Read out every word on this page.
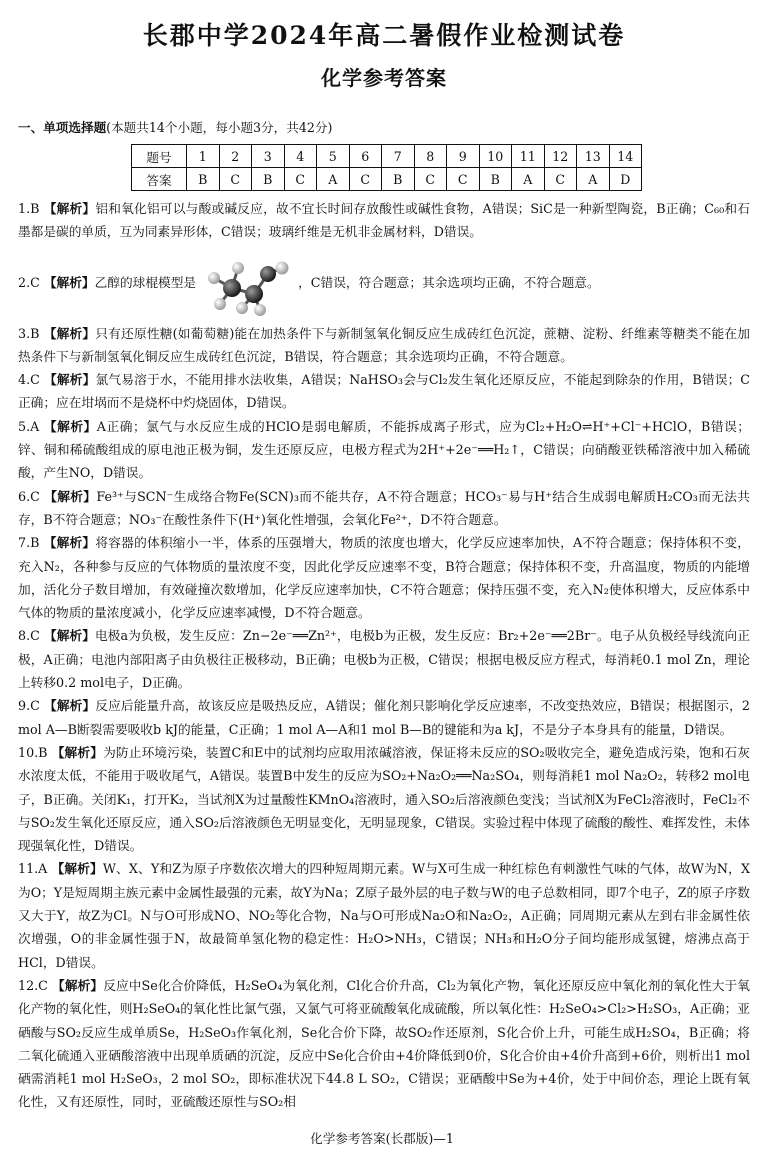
长郡中学2024年高二暑假作业检测试卷
化学参考答案
一、单项选择题(本题共14个小题，每小题3分，共42分)
题号	1	2	3	4	5	6	7	8	9	10	11	12	13	14
答案	B	C	B	C	A	C	B	C	C	B	A	C	A	D

1.B 【解析】铝和氧化铝可以与酸或碱反应，故不宜长时间存放酸性或碱性食物，A错误；SiC是一种新型陶瓷，B正确；C₆₀和石墨都是碳的单质，互为同素异形体，C错误；玻璃纤维是无机非金属材料，D错误。

2.C
【解析】 乙醇的球棍模型是	，C错误，符合题意；其余选项均正确，不符合题意。

3.B 【解析】只有还原性糖(如葡萄糖)能在加热条件下与新制氢氧化铜反应生成砖红色沉淀，蔗糖、淀粉、纤维素等糖类不能在加热条件下与新制氢氧化铜反应生成砖红色沉淀，B错误，符合题意；其余选项均正确，不符合题意。

4.C 【解析】氯气易溶于水，不能用排水法收集，A错误；NaHSO₃会与Cl₂发生氧化还原反应，不能起到除杂的作用，B错误；C正确；应在坩埚而不是烧杯中灼烧固体，D错误。

5.A 【解析】A正确；氯气与水反应生成的HClO是弱电解质，不能拆成离子形式，应为Cl₂+H₂O⇌H⁺+Cl⁻+HClO，B错误；锌、铜和稀硫酸组成的原电池正极为铜，发生还原反应，电极方程式为2H⁺+2e⁻══H₂↑，C错误；向硝酸亚铁稀溶液中加入稀硫酸，产生NO，D错误。

6.C 【解析】Fe³⁺与SCN⁻生成络合物Fe(SCN)₃而不能共存，A不符合题意；HCO₃⁻易与H⁺结合生成弱电解质H₂CO₃而无法共存，B不符合题意；NO₃⁻在酸性条件下(H⁺)氧化性增强，会氧化Fe²⁺，D不符合题意。

7.B 【解析】将容器的体积缩小一半，体系的压强增大，物质的浓度也增大，化学反应速率加快，A不符合题意；保持体积不变，充入N₂，各种参与反应的气体物质的量浓度不变，因此化学反应速率不变，B符合题意；保持体积不变，升高温度，物质的内能增加，活化分子数目增加，有效碰撞次数增加，化学反应速率加快，C不符合题意；保持压强不变，充入N₂使体积增大，反应体系中气体的物质的量浓度减小，化学反应速率减慢，D不符合题意。

8.C 【解析】电极a为负极，发生反应：Zn−2e⁻══Zn²⁺，电极b为正极，发生反应：Br₂+2e⁻══2Br⁻。电子从负极经导线流向正极，A正确；电池内部阳离子由负极往正极移动，B正确；电极b为正极，C错误；根据电极反应方程式，每消耗0.1 mol Zn，理论上转移0.2 mol电子，D正确。

9.C 【解析】反应后能量升高，故该反应是吸热反应，A错误；催化剂只影响化学反应速率，不改变热效应，B错误；根据图示，2 mol A—B断裂需要吸收b kJ的能量，C正确；1 mol A—A和1 mol B—B的键能和为a kJ，不是分子本身具有的能量，D错误。

10.B 【解析】为防止环境污染，装置C和E中的试剂均应取用浓碱溶液，保证将未反应的SO₂吸收完全，避免造成污染，饱和石灰水浓度太低，不能用于吸收尾气，A错误。装置B中发生的反应为SO₂+Na₂O₂══Na₂SO₄，则每消耗1 mol Na₂O₂，转移2 mol电子，B正确。关闭K₁，打开K₂，当试剂X为过量酸性KMnO₄溶液时，通入SO₂后溶液颜色变浅；当试剂X为FeCl₂溶液时，FeCl₂不与SO₂发生氧化还原反应，通入SO₂后溶液颜色无明显变化，无明显现象，C错误。实验过程中体现了硫酸的酸性、难挥发性，未体现强氧化性，D错误。

11.A 【解析】W、X、Y和Z为原子序数依次增大的四种短周期元素。W与X可生成一种红棕色有刺激性气味的气体，故W为N，X为O；Y是短周期主族元素中金属性最强的元素，故Y为Na；Z原子最外层的电子数与W的电子总数相同，即7个电子，Z的原子序数又大于Y，故Z为Cl。N与O可形成NO、NO₂等化合物，Na与O可形成Na₂O和Na₂O₂，A正确；同周期元素从左到右非金属性依次增强，O的非金属性强于N，故最简单氢化物的稳定性：H₂O>NH₃，C错误；NH₃和H₂O分子间均能形成氢键，熔沸点高于HCl，D错误。

12.C 【解析】反应中Se化合价降低，H₂SeO₄为氧化剂，Cl化合价升高，Cl₂为氧化产物，氧化还原反应中氧化剂的氧化性大于氧化产物的氧化性，则H₂SeO₄的氧化性比氯气强，又氯气可将亚硫酸氧化成硫酸，所以氧化性：H₂SeO₄>Cl₂>H₂SO₃，A正确；亚硒酸与SO₂反应生成单质Se，H₂SeO₃作氧化剂，Se化合价下降，故SO₂作还原剂，S化合价上升，可能生成H₂SO₄，B正确；将二氧化硫通入亚硒酸溶液中出现单质硒的沉淀，反应中Se化合价由+4价降低到0价，S化合价由+4价升高到+6价，则析出1 mol硒需消耗1 mol H₂SeO₃，2 mol SO₂，即标准状况下44.8 L SO₂，C错误；亚硒酸中Se为+4价，处于中间价态，理论上既有氧化性，又有还原性，同时，亚硫酸还原性与SO₂相

化学参考答案(长郡版)—1
